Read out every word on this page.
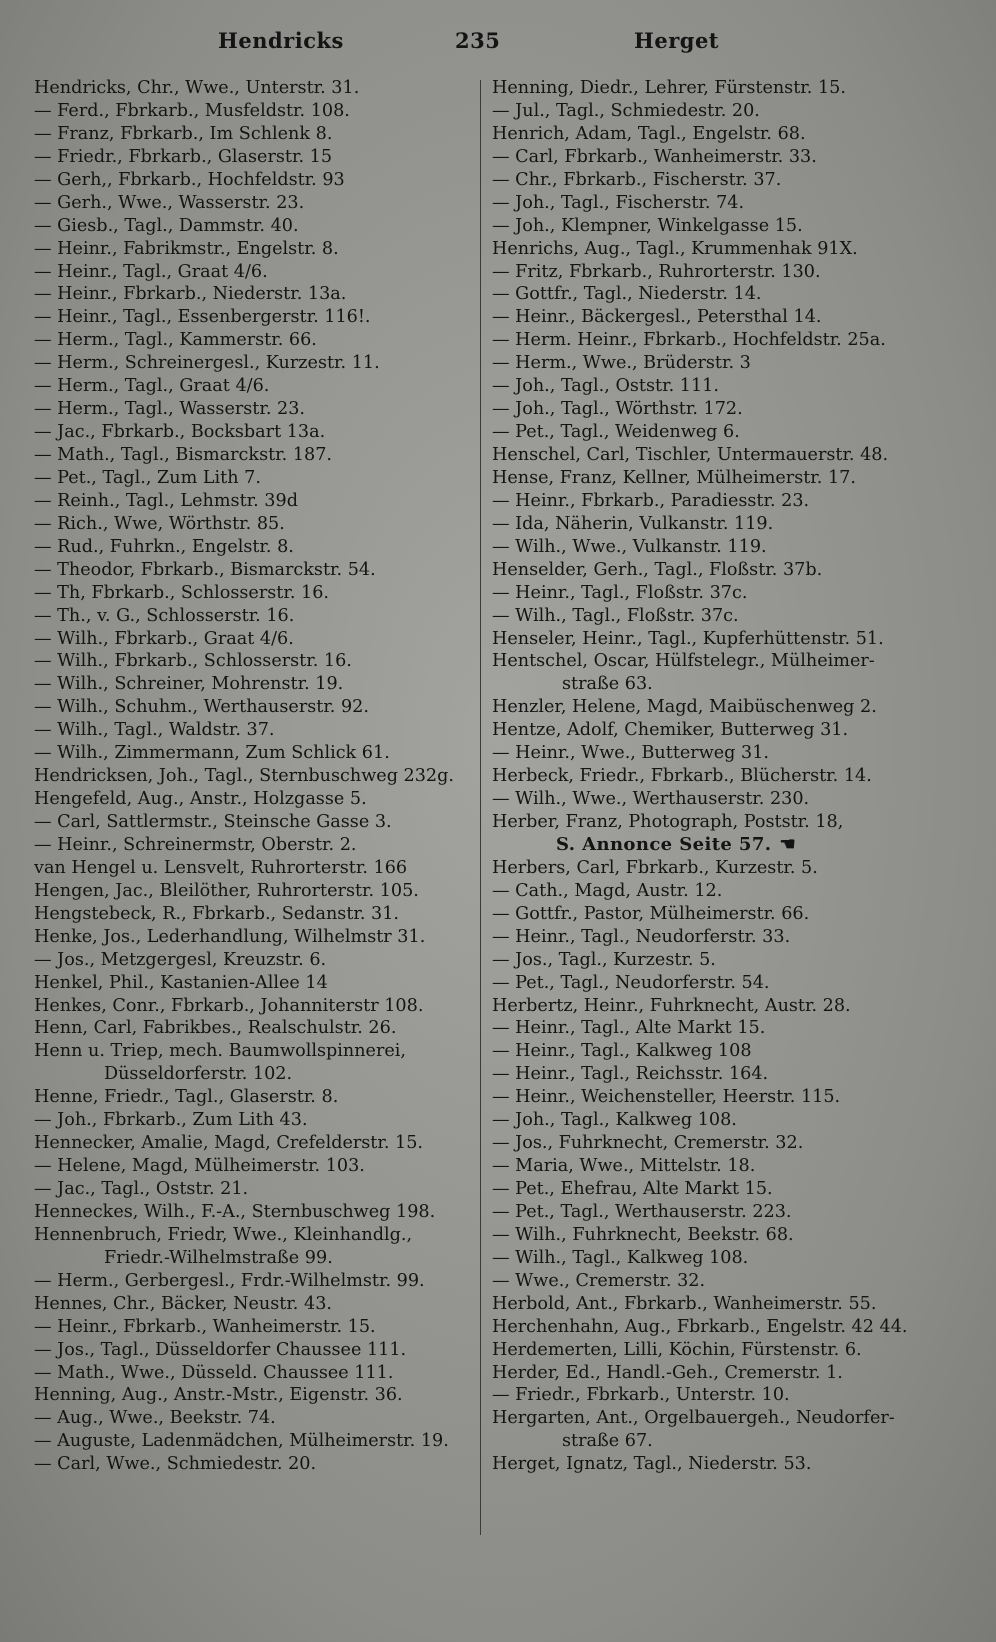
Hendricks	235	Herget
Hendricks, Chr., Wwe., Unterstr. 31.
— Ferd., Fbrkarb., Musfeldstr. 108.
— Franz, Fbrkarb., Im Schlenk 8.
— Friedr., Fbrkarb., Glaserstr. 15
— Gerh,, Fbrkarb., Hochfeldstr. 93
— Gerh., Wwe., Wasserstr. 23.
— Giesb., Tagl., Dammstr. 40.
— Heinr., Fabrikmstr., Engelstr. 8.
— Heinr., Tagl., Graat 4/6.
— Heinr., Fbrkarb., Niederstr. 13a.
— Heinr., Tagl., Essenbergerstr. 116!.
— Herm., Tagl., Kammerstr. 66.
— Herm., Schreinergesl., Kurzestr. 11.
— Herm., Tagl., Graat 4/6.
— Herm., Tagl., Wasserstr. 23.
— Jac., Fbrkarb., Bocksbart 13a.
— Math., Tagl., Bismarckstr. 187.
— Pet., Tagl., Zum Lith 7.
— Reinh., Tagl., Lehmstr. 39d
— Rich., Wwe, Wörthstr. 85.
— Rud., Fuhrkn., Engelstr. 8.
— Theodor, Fbrkarb., Bismarckstr. 54.
— Th, Fbrkarb., Schlosserstr. 16.
— Th., v. G., Schlosserstr. 16.
— Wilh., Fbrkarb., Graat 4/6.
— Wilh., Fbrkarb., Schlosserstr. 16.
— Wilh., Schreiner, Mohrenstr. 19.
— Wilh., Schuhm., Werthauserstr. 92.
— Wilh., Tagl., Waldstr. 37.
— Wilh., Zimmermann, Zum Schlick 61.
Hendricksen, Joh., Tagl., Sternbuschweg 232g.
Hengefeld, Aug., Anstr., Holzgasse 5.
— Carl, Sattlermstr., Steinsche Gasse 3.
— Heinr., Schreinermstr, Oberstr. 2.
van Hengel u. Lensvelt, Ruhrorterstr. 166
Hengen, Jac., Bleilöther, Ruhrorterstr. 105.
Hengstebeck, R., Fbrkarb., Sedanstr. 31.
Henke, Jos., Lederhandlung, Wilhelmstr 31.
— Jos., Metzgergesl, Kreuzstr. 6.
Henkel, Phil., Kastanien-Allee 14
Henkes, Conr., Fbrkarb., Johanniterstr 108.
Henn, Carl, Fabrikbes., Realschulstr. 26.
Henn u. Triep, mech. Baumwollspinnerei,
Düsseldorferstr. 102.
Henne, Friedr., Tagl., Glaserstr. 8.
— Joh., Fbrkarb., Zum Lith 43.
Hennecker, Amalie, Magd, Crefelderstr. 15.
— Helene, Magd, Mülheimerstr. 103.
— Jac., Tagl., Oststr. 21.
Henneckes, Wilh., F.-A., Sternbuschweg 198.
Hennenbruch, Friedr, Wwe., Kleinhandlg.,
Friedr.-Wilhelmstraße 99.
— Herm., Gerbergesl., Frdr.-Wilhelmstr. 99.
Hennes, Chr., Bäcker, Neustr. 43.
— Heinr., Fbrkarb., Wanheimerstr. 15.
— Jos., Tagl., Düsseldorfer Chaussee 111.
— Math., Wwe., Düsseld. Chaussee 111.
Henning, Aug., Anstr.-Mstr., Eigenstr. 36.
— Aug., Wwe., Beekstr. 74.
— Auguste, Ladenmädchen, Mülheimerstr. 19.
— Carl, Wwe., Schmiedestr. 20.
Henning, Diedr., Lehrer, Fürstenstr. 15.
— Jul., Tagl., Schmiedestr. 20.
Henrich, Adam, Tagl., Engelstr. 68.
— Carl, Fbrkarb., Wanheimerstr. 33.
— Chr., Fbrkarb., Fischerstr. 37.
— Joh., Tagl., Fischerstr. 74.
— Joh., Klempner, Winkelgasse 15.
Henrichs, Aug., Tagl., Krummenhak 91X.
— Fritz, Fbrkarb., Ruhrorterstr. 130.
— Gottfr., Tagl., Niederstr. 14.
— Heinr., Bäckergesl., Petersthal 14.
— Herm. Heinr., Fbrkarb., Hochfeldstr. 25a.
— Herm., Wwe., Brüderstr. 3
— Joh., Tagl., Oststr. 111.
— Joh., Tagl., Wörthstr. 172.
— Pet., Tagl., Weidenweg 6.
Henschel, Carl, Tischler, Untermauerstr. 48.
Hense, Franz, Kellner, Mülheimerstr. 17.
— Heinr., Fbrkarb., Paradiesstr. 23.
— Ida, Näherin, Vulkanstr. 119.
— Wilh., Wwe., Vulkanstr. 119.
Henselder, Gerh., Tagl., Floßstr. 37b.
— Heinr., Tagl., Floßstr. 37c.
— Wilh., Tagl., Floßstr. 37c.
Henseler, Heinr., Tagl., Kupferhüttenstr. 51.
Hentschel, Oscar, Hülfstelegr., Mülheimer-
straße 63.
Henzler, Helene, Magd, Maibüschenweg 2.
Hentze, Adolf, Chemiker, Butterweg 31.
— Heinr., Wwe., Butterweg 31.
Herbeck, Friedr., Fbrkarb., Blücherstr. 14.
— Wilh., Wwe., Werthauserstr. 230.
Herber, Franz, Photograph, Poststr. 18,
S. Annonce Seite 57. ☚
Herbers, Carl, Fbrkarb., Kurzestr. 5.
— Cath., Magd, Austr. 12.
— Gottfr., Pastor, Mülheimerstr. 66.
— Heinr., Tagl., Neudorferstr. 33.
— Jos., Tagl., Kurzestr. 5.
— Pet., Tagl., Neudorferstr. 54.
Herbertz, Heinr., Fuhrknecht, Austr. 28.
— Heinr., Tagl., Alte Markt 15.
— Heinr., Tagl., Kalkweg 108
— Heinr., Tagl., Reichsstr. 164.
— Heinr., Weichensteller, Heerstr. 115.
— Joh., Tagl., Kalkweg 108.
— Jos., Fuhrknecht, Cremerstr. 32.
— Maria, Wwe., Mittelstr. 18.
— Pet., Ehefrau, Alte Markt 15.
— Pet., Tagl., Werthauserstr. 223.
— Wilh., Fuhrknecht, Beekstr. 68.
— Wilh., Tagl., Kalkweg 108.
— Wwe., Cremerstr. 32.
Herbold, Ant., Fbrkarb., Wanheimerstr. 55.
Herchenhahn, Aug., Fbrkarb., Engelstr. 42 44.
Herdemerten, Lilli, Köchin, Fürstenstr. 6.
Herder, Ed., Handl.-Geh., Cremerstr. 1.
— Friedr., Fbrkarb., Unterstr. 10.
Hergarten, Ant., Orgelbauergeh., Neudorfer-
straße 67.
Herget, Ignatz, Tagl., Niederstr. 53.
